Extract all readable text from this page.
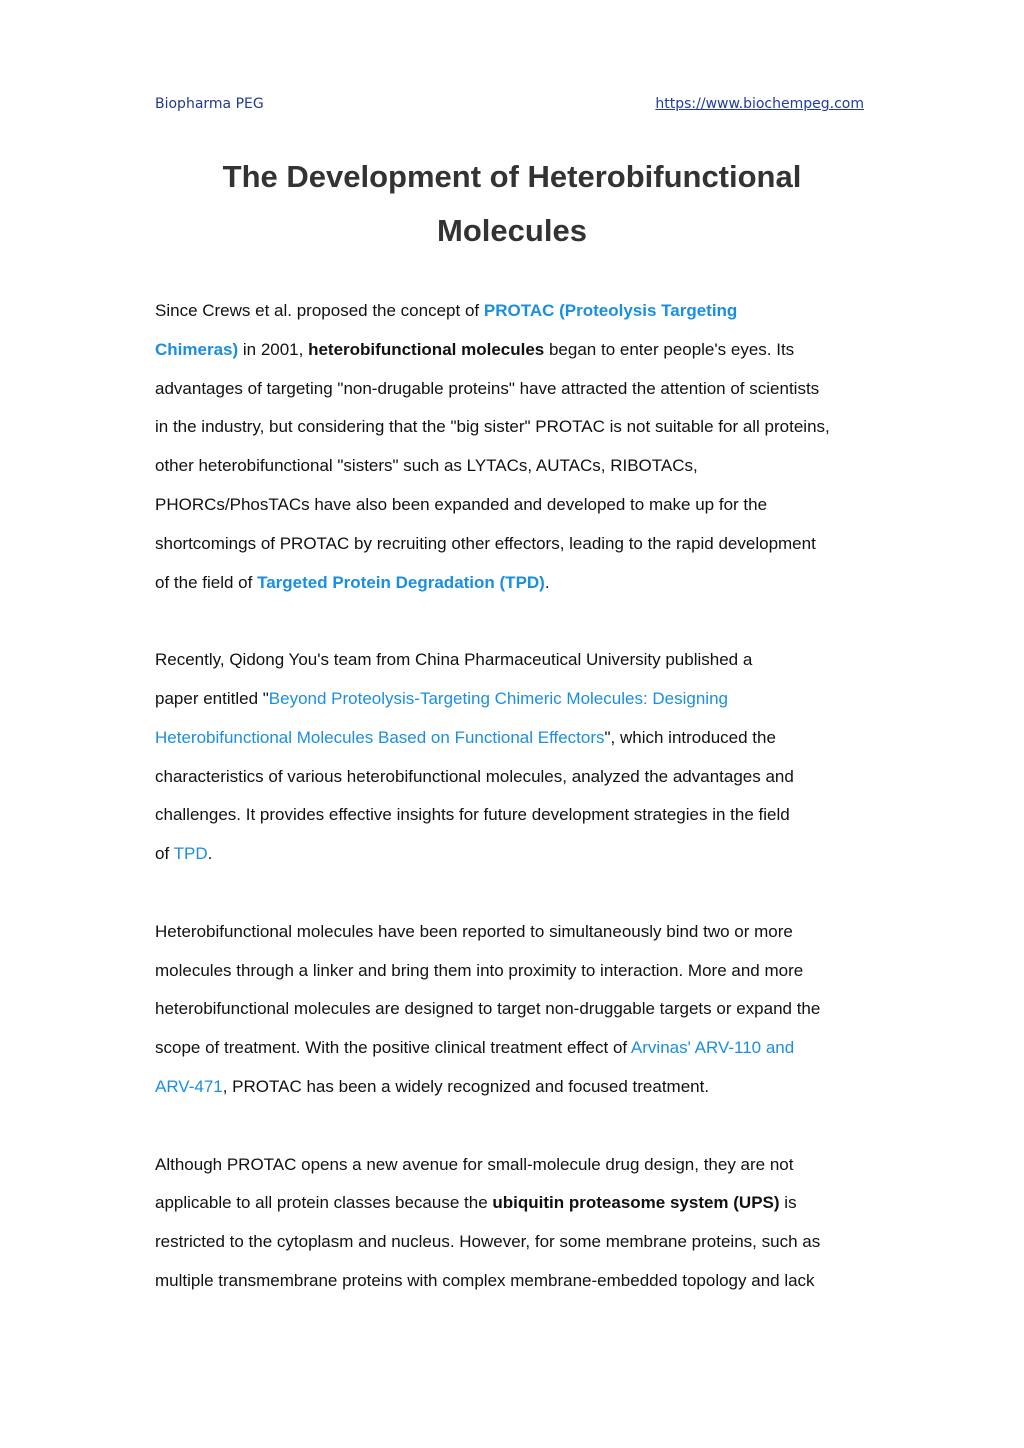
Biopharma PEG	https://www.biochempeg.com
The Development of Heterobifunctional
Molecules

Since Crews et al. proposed the concept of PROTAC (Proteolysis Targeting
Chimeras) in 2001, heterobifunctional molecules began to enter people's eyes. Its
advantages of targeting "non-drugable proteins" have attracted the attention of scientists
in the industry, but considering that the "big sister" PROTAC is not suitable for all proteins,
other heterobifunctional "sisters" such as LYTACs, AUTACs, RIBOTACs,
PHORCs/PhosTACs have also been expanded and developed to make up for the
shortcomings of PROTAC by recruiting other effectors, leading to the rapid development
of the field of Targeted Protein Degradation (TPD).

Recently, Qidong You's team from China Pharmaceutical University published a
paper entitled "Beyond Proteolysis-Targeting Chimeric Molecules: Designing
Heterobifunctional Molecules Based on Functional Effectors", which introduced the
characteristics of various heterobifunctional molecules, analyzed the advantages and
challenges. It provides effective insights for future development strategies in the field
of TPD.

Heterobifunctional molecules have been reported to simultaneously bind two or more
molecules through a linker and bring them into proximity to interaction. More and more
heterobifunctional molecules are designed to target non-druggable targets or expand the
scope of treatment. With the positive clinical treatment effect of Arvinas' ARV-110 and
ARV-471, PROTAC has been a widely recognized and focused treatment.

Although PROTAC opens a new avenue for small-molecule drug design, they are not
applicable to all protein classes because the ubiquitin proteasome system (UPS) is
restricted to the cytoplasm and nucleus. However, for some membrane proteins, such as
multiple transmembrane proteins with complex membrane-embedded topology and lack
